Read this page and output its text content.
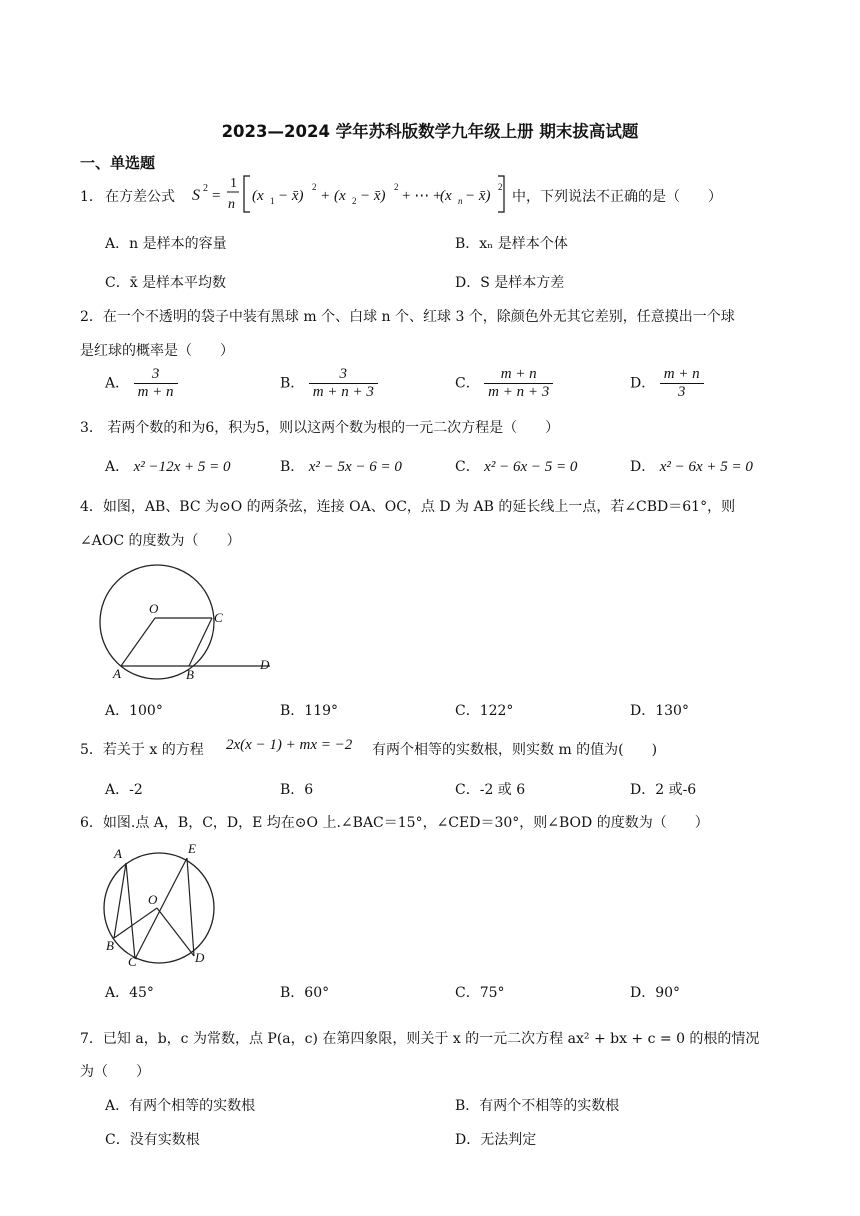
2023—2024 学年苏科版数学九年级上册 期末拔高试题
一、单选题
1． 在方差公式 S 2 =
1
n
(x 1 − x̄)
2
+ (x 2 − x̄)
2
+ ⋯ +
(x n − x̄)
2
中，下列说法不正确的是（　　）
A．n 是样本的容量	B．xₙ 是样本个体
C．x̄ 是样本平均数	D．S 是样本方差
2．在一个不透明的袋子中装有黑球 m 个、白球 n 个、红球 3 个，除颜色外无其它差别，任意摸出一个球
是红球的概率是（　　）
A． $\frac{3}{m + n}$	B． $\frac{3}{m + n + 3}$	C． $\frac{m + n}{m + n + 3}$	D． $\frac{m + n}{3}$
3． 若两个数的和为6，积为5，则以这两个数为根的一元二次方程是（　　）
A． x² −12x + 5 = 0	B． x² − 5x − 6 = 0	C． x² − 6x − 5 = 0	D． x² − 6x + 5 = 0
4．如图，AB、BC 为⊙O 的两条弦，连接 OA、OC，点 D 为 AB 的延长线上一点，若∠CBD＝61°，则
∠AOC 的度数为（　　）
O
C
A	B
D
A．100°	B．119°	C．122°	D．130°
5．若关于 x 的方程 2x(x − 1) + mx = −2 有两个相等的实数根，则实数 m 的值为(　　)
A．-2	B．6	C．-2 或 6	D．2 或-6
6．如图.点 A，B，C，D，E 均在⊙O 上.∠BAC＝15°，∠CED＝30°，则∠BOD 的度数为（　　）
A	E
O
B
C	D
A．45°	B．60°	C．75°	D．90°
7．已知 a，b，c 为常数，点 P(a，c) 在第四象限，则关于 x 的一元二次方程 ax² + bx + c = 0 的根的情况
为（　　）
A．有两个相等的实数根	B．有两个不相等的实数根
C．没有实数根	D．无法判定
